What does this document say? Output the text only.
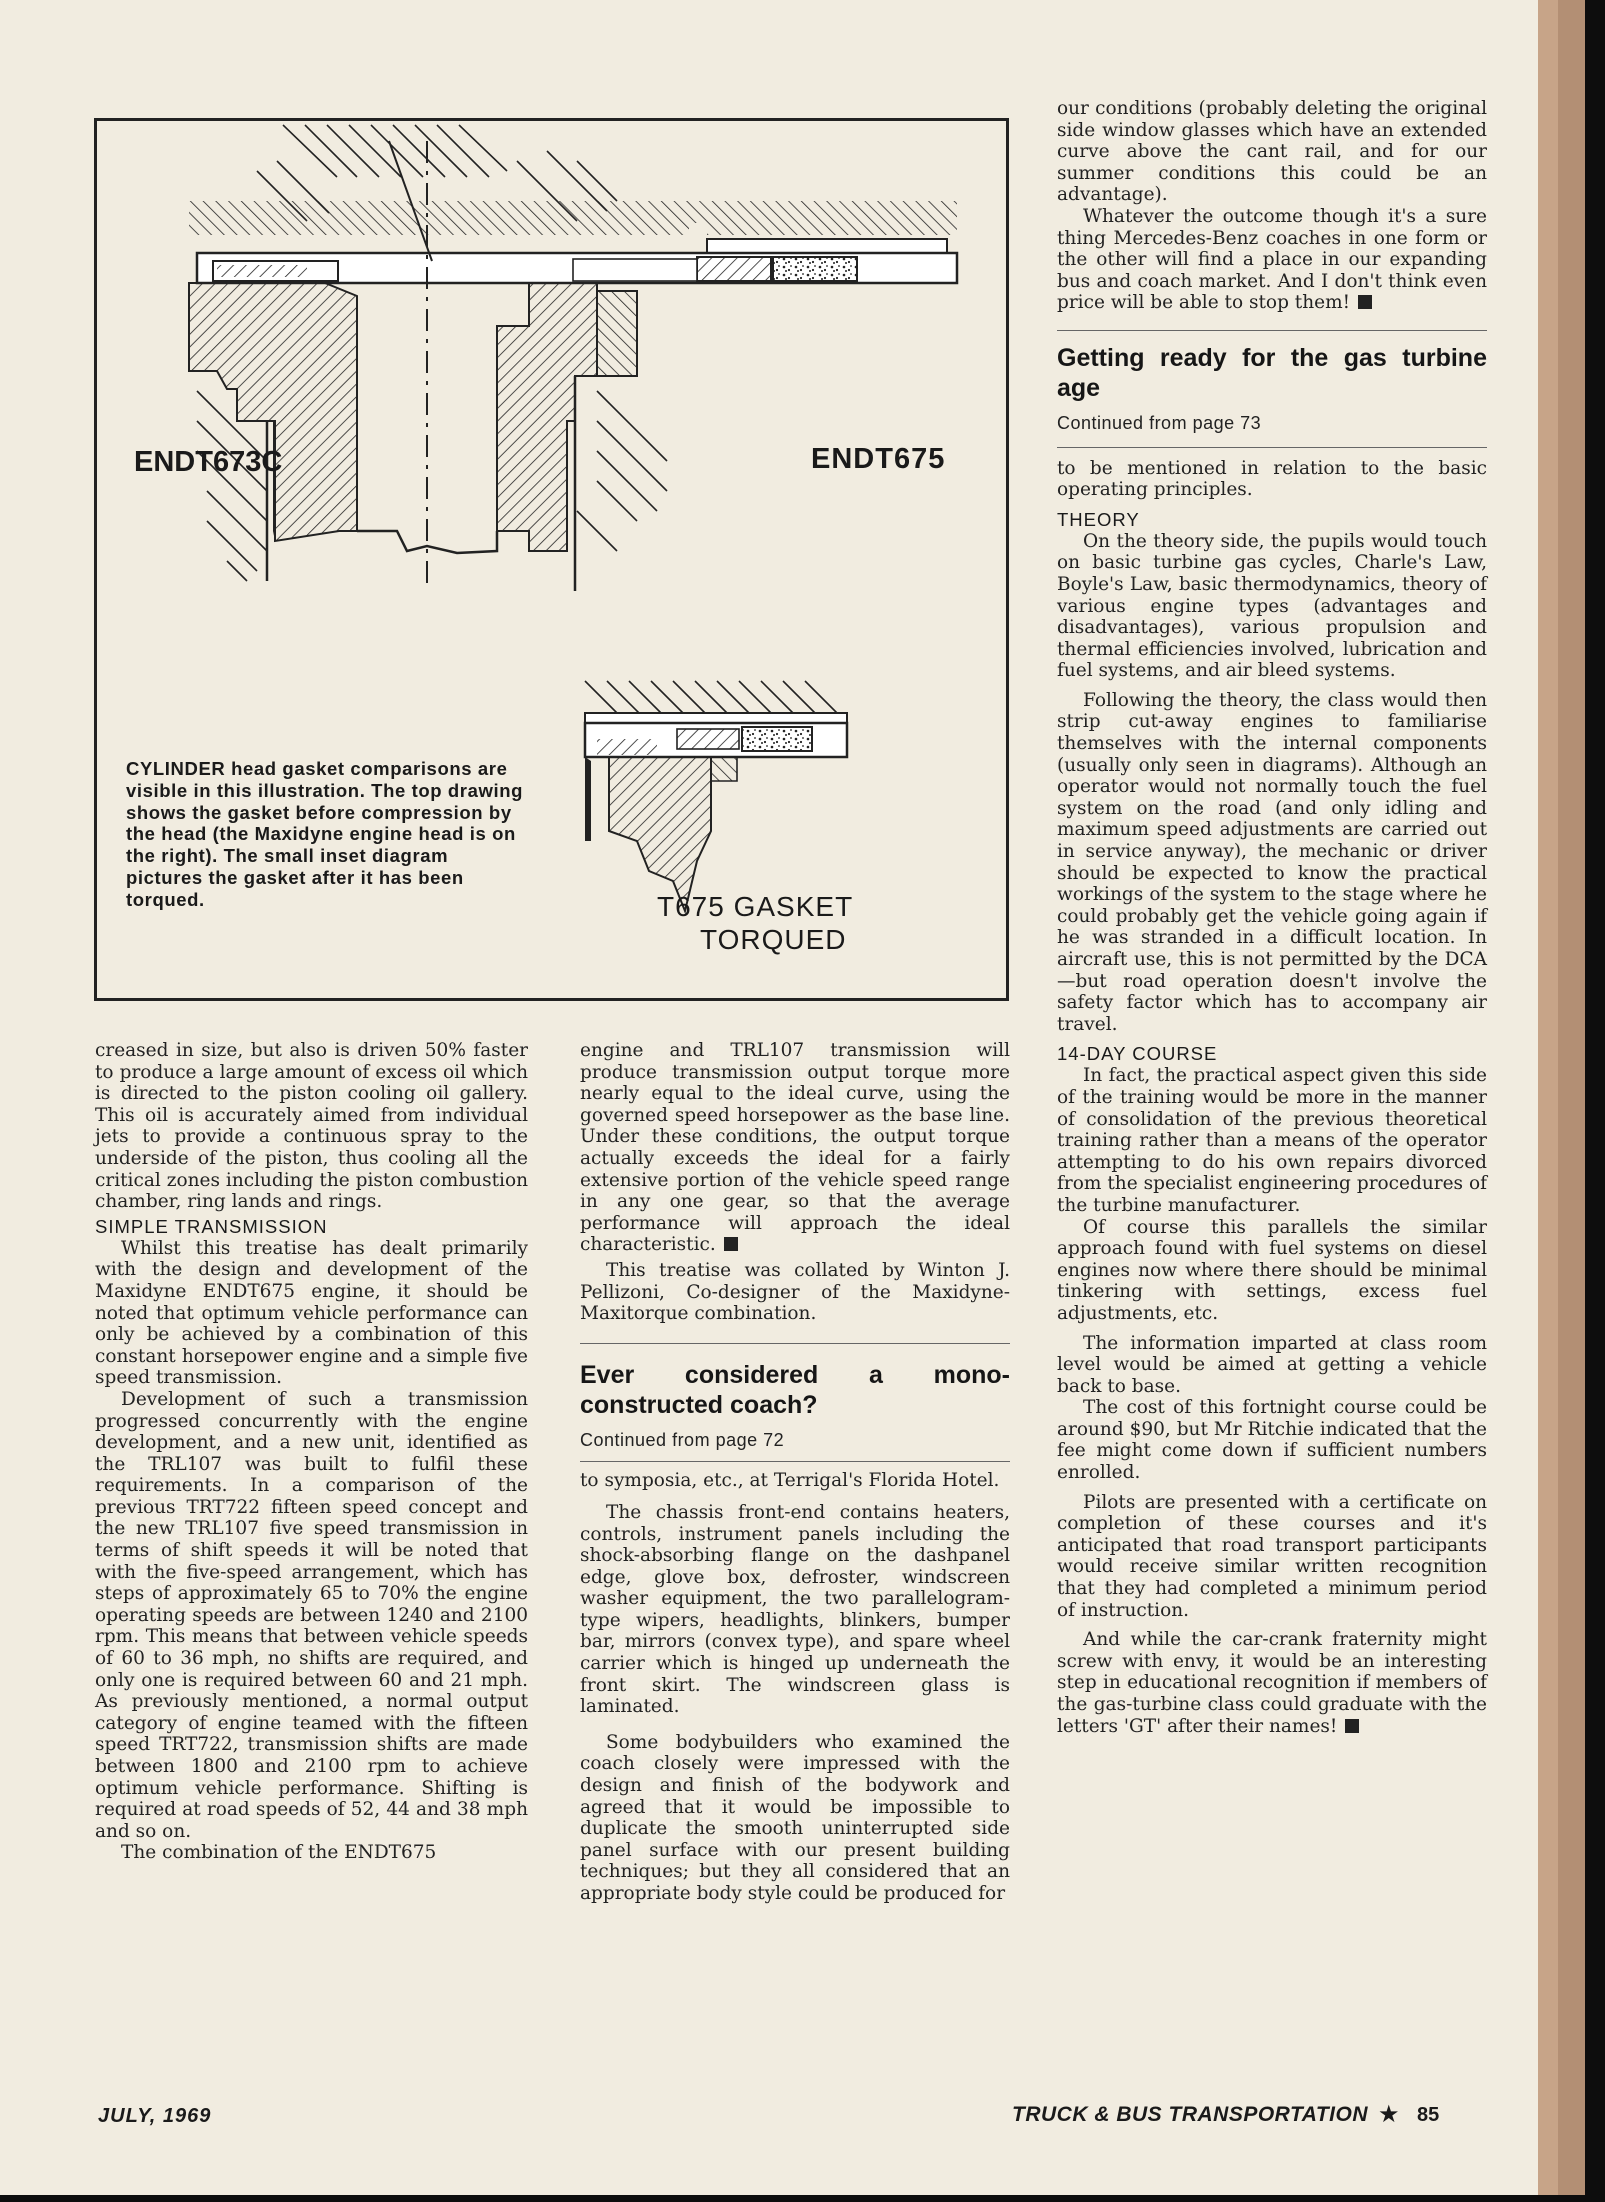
ENDT673C	ENDT675
T675 GASKET
TORQUED
CYLINDER head gasket comparisons are visible in this illustration. The top drawing shows the gasket before compression by the head (the Maxidyne engine head is on the right). The small inset diagram pictures the gasket after it has been torqued.

creased in size, but also is driven 50% faster to produce a large amount of excess oil which is directed to the piston cooling oil gallery. This oil is accurately aimed from individual jets to provide a continuous spray to the underside of the piston, thus cooling all the critical zones including the piston combustion chamber, ring lands and rings.

SIMPLE TRANSMISSION

Whilst this treatise has dealt primarily with the design and development of the Maxidyne ENDT675 engine, it should be noted that optimum vehicle performance can only be achieved by a combination of this constant horsepower engine and a simple five speed transmission.

Development of such a transmission progressed concurrently with the engine development, and a new unit, identified as the TRL107 was built to fulfil these requirements. In a comparison of the previous TRT722 fifteen speed concept and the new TRL107 five speed transmission in terms of shift speeds it will be noted that with the five-speed arrangement, which has steps of approximately 65 to 70% the engine operating speeds are between 1240 and 2100 rpm. This means that between vehicle speeds of 60 to 36 mph, no shifts are required, and only one is required between 60 and 21 mph. As previously mentioned, a normal output category of engine teamed with the fifteen speed TRT722, transmission shifts are made between 1800 and 2100 rpm to achieve optimum vehicle performance. Shifting is required at road speeds of 52, 44 and 38 mph and so on.

The combination of the ENDT675

engine and TRL107 transmission will produce transmission output torque more nearly equal to the ideal curve, using the governed speed horsepower as the base line. Under these conditions, the output torque actually exceeds the ideal for a fairly extensive portion of the vehicle speed range in any one gear, so that the average performance will approach the ideal characteristic.

This treatise was collated by Winton J. Pellizoni, Co-designer of the Maxidyne-Maxitorque combination.

Ever considered a mono-constructed coach?
Continued from page 72

to symposia, etc., at Terrigal's Florida Hotel.

The chassis front-end contains heaters, controls, instrument panels including the shock-absorbing flange on the dashpanel edge, glove box, defroster, windscreen washer equipment, the two parallelogram-type wipers, headlights, blinkers, bumper bar, mirrors (convex type), and spare wheel carrier which is hinged up underneath the front skirt. The windscreen glass is laminated.

Some bodybuilders who examined the coach closely were impressed with the design and finish of the bodywork and agreed that it would be impossible to duplicate the smooth uninterrupted side panel surface with our present building techniques; but they all considered that an appropriate body style could be produced for

our conditions (probably deleting the original side window glasses which have an extended curve above the cant rail, and for our summer conditions this could be an advantage).

Whatever the outcome though it's a sure thing Mercedes-Benz coaches in one form or the other will find a place in our expanding bus and coach market. And I don't think even price will be able to stop them!

Getting ready for the gas turbine age
Continued from page 73

to be mentioned in relation to the basic operating principles.

THEORY

On the theory side, the pupils would touch on basic turbine gas cycles, Charle's Law, Boyle's Law, basic thermodynamics, theory of various engine types (advantages and disadvantages), various propulsion and thermal efficiencies involved, lubrication and fuel systems, and air bleed systems.

Following the theory, the class would then strip cut-away engines to familiarise themselves with the internal components (usually only seen in diagrams). Although an operator would not normally touch the fuel system on the road (and only idling and maximum speed adjustments are carried out in service anyway), the mechanic or driver should be expected to know the practical workings of the system to the stage where he could probably get the vehicle going again if he was stranded in a difficult location. In aircraft use, this is not permitted by the DCA—but road operation doesn't involve the safety factor which has to accompany air travel.

14-DAY COURSE

In fact, the practical aspect given this side of the training would be more in the manner of consolidation of the previous theoretical training rather than a means of the operator attempting to do his own repairs divorced from the specialist engineering procedures of the turbine manufacturer.

Of course this parallels the similar approach found with fuel systems on diesel engines now where there should be minimal tinkering with settings, excess fuel adjustments, etc.

The information imparted at class room level would be aimed at getting a vehicle back to base.

The cost of this fortnight course could be around $90, but Mr Ritchie indicated that the fee might come down if sufficient numbers enrolled.

Pilots are presented with a certificate on completion of these courses and it's anticipated that road transport participants would receive similar written recognition that they had completed a minimum period of instruction.

And while the car-crank fraternity might screw with envy, it would be an interesting step in educational recognition if members of the gas-turbine class could graduate with the letters 'GT' after their names!

JULY, 1969	TRUCK & BUS TRANSPORTATION ★ 85
